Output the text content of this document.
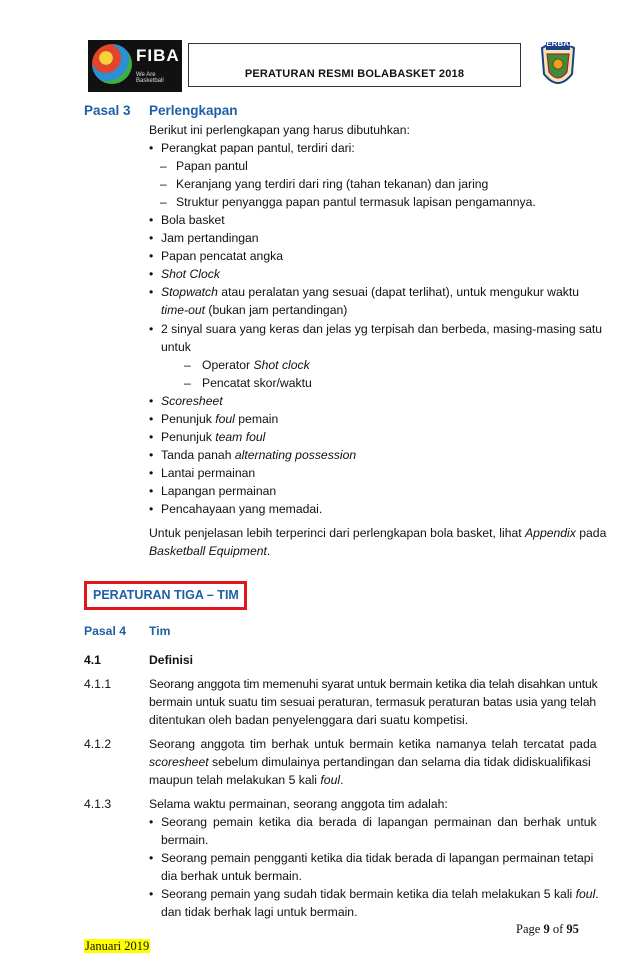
FIBA
We Are Basketball
PERATURAN RESMI BOLABASKET 2018
PERBASI
Pasal 3 Perlengkapan
Berikut ini perlengkapan yang harus dibutuhkan:
• Perangkat papan pantul, terdiri dari:
– Papan pantul
– Keranjang yang terdiri dari ring (tahan tekanan) dan jaring
– Struktur penyangga papan pantul termasuk lapisan pengamannya.
• Bola basket
• Jam pertandingan
• Papan pencatat angka
• Shot Clock
• Stopwatch atau peralatan yang sesuai (dapat terlihat), untuk mengukur waktu
time-out (bukan jam pertandingan)
• 2 sinyal suara yang keras dan jelas yg terpisah dan berbeda, masing-masing satu
untuk
– Operator Shot clock
– Pencatat skor/waktu
• Scoresheet
• Penunjuk foul pemain
• Penunjuk team foul
• Tanda panah alternating possession
• Lantai permainan
• Lapangan permainan
• Pencahayaan yang memadai.
Untuk penjelasan lebih terperinci dari perlengkapan bola basket, lihat Appendix pada
Basketball Equipment.
PERATURAN TIGA – TIM
Pasal 4 Tim
4.1	Definisi
4.1.1	Seorang anggota tim memenuhi syarat untuk bermain ketika dia telah disahkan untuk
bermain untuk suatu tim sesuai peraturan, termasuk peraturan batas usia yang telah
ditentukan oleh badan penyelenggara dari suatu kompetisi.
4.1.2	Seorang anggota tim berhak untuk bermain ketika namanya telah tercatat pada
scoresheet sebelum dimulainya pertandingan dan selama dia tidak didiskualifikasi
maupun telah melakukan 5 kali foul.
4.1.3	Selama waktu permainan, seorang anggota tim adalah:
• Seorang pemain ketika dia berada di lapangan permainan dan berhak untuk
bermain.
• Seorang pemain pengganti ketika dia tidak berada di lapangan permainan tetapi
dia berhak untuk bermain.
• Seorang pemain yang sudah tidak bermain ketika dia telah melakukan 5 kali foul.
dan tidak berhak lagi untuk bermain.
Page 9 of 95
Januari 2019
